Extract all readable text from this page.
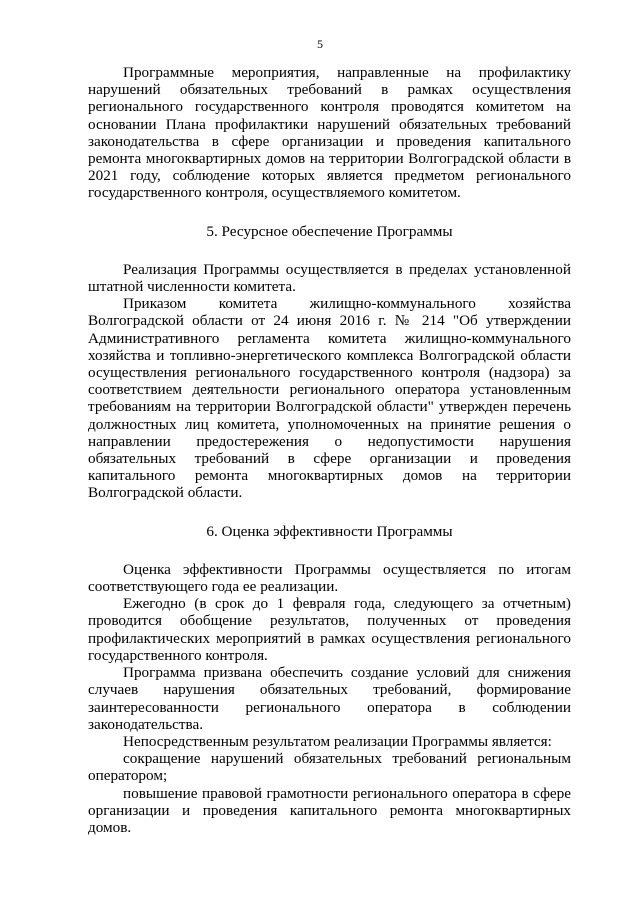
5

Программные мероприятия, направленные на профилактику нарушений обязательных требований в рамках осуществления регионального государственного контроля проводятся комитетом на основании Плана профилактики нарушений обязательных требований законодательства в сфере организации и проведения капитального ремонта многоквартирных домов на территории Волгоградской области в 2021 году, соблюдение которых является предметом регионального государственного контроля, осуществляемого комитетом.

5. Ресурсное обеспечение Программы

Реализация Программы осуществляется в пределах установленной штатной численности комитета.

Приказом комитета жилищно-коммунального хозяйства Волгоградской области от 24 июня 2016 г. № 214 "Об утверждении Административного регламента комитета жилищно-коммунального хозяйства и топливно-энергетического комплекса Волгоградской области осуществления регионального государственного контроля (надзора) за соответствием деятельности регионального оператора установленным требованиям на территории Волгоградской области" утвержден перечень должностных лиц комитета, уполномоченных на принятие решения о направлении предостережения о недопустимости нарушения обязательных требований в сфере организации и проведения капитального ремонта многоквартирных домов на территории Волгоградской области.

6. Оценка эффективности Программы

Оценка эффективности Программы осуществляется по итогам соответствующего года ее реализации.

Ежегодно (в срок до 1 февраля года, следующего за отчетным) проводится обобщение результатов, полученных от проведения профилактических мероприятий в рамках осуществления регионального государственного контроля.

Программа призвана обеспечить создание условий для снижения случаев нарушения обязательных требований, формирование заинтересованности регионального оператора в соблюдении законодательства.

Непосредственным результатом реализации Программы является:

сокращение нарушений обязательных требований региональным оператором;

повышение правовой грамотности регионального оператора в сфере организации и проведения капитального ремонта многоквартирных домов.
